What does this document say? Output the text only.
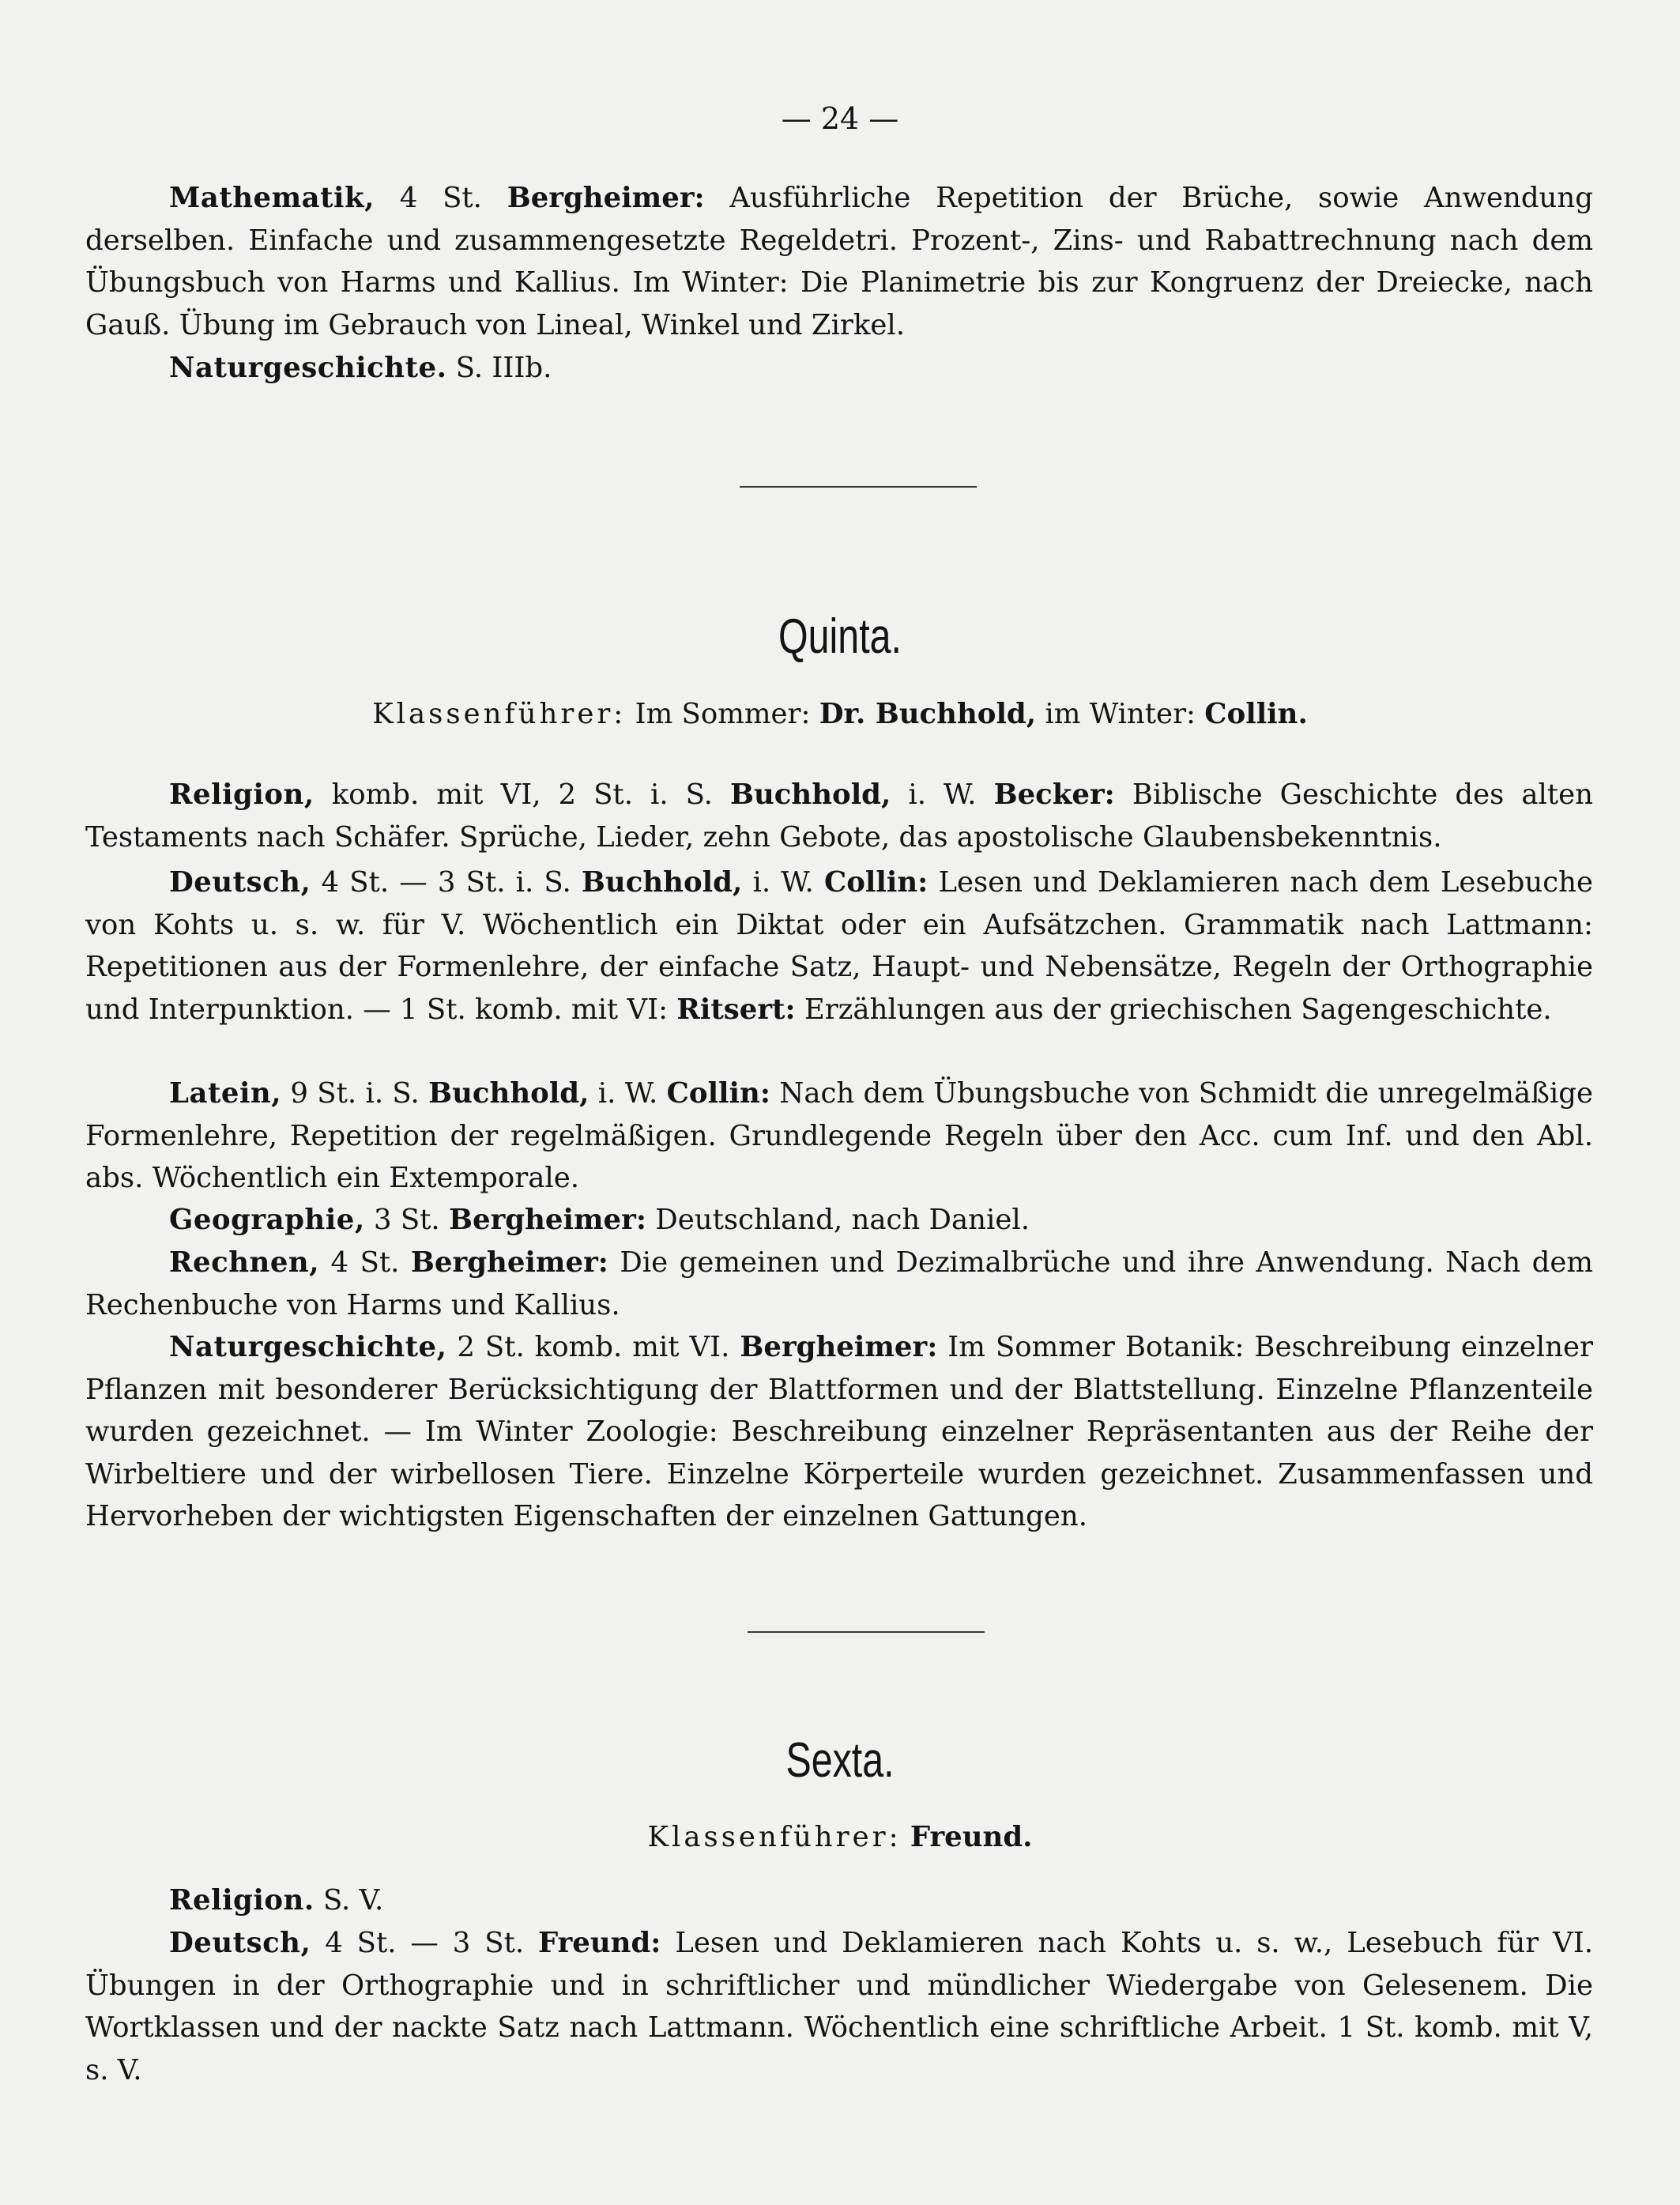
— 24 —

Mathematik, 4 St. Bergheimer: Ausführliche Repetition der Brüche, sowie Anwendung derselben. Einfache und zusammengesetzte Regeldetri. Prozent-, Zins- und Rabattrechnung nach dem Übungsbuch von Harms und Kallius. Im Winter: Die Planimetrie bis zur Kongruenz der Dreiecke, nach Gauß. Übung im Gebrauch von Lineal, Winkel und Zirkel.

Naturgeschichte. S. IIIb.

Quinta.

Klassenführer: Im Sommer: Dr. Buchhold, im Winter: Collin.

Religion, komb. mit VI, 2 St. i. S. Buchhold, i. W. Becker: Biblische Geschichte des alten Testaments nach Schäfer. Sprüche, Lieder, zehn Gebote, das apostolische Glaubensbekenntnis.

Deutsch, 4 St. — 3 St. i. S. Buchhold, i. W. Collin: Lesen und Deklamieren nach dem Lesebuche von Kohts u. s. w. für V. Wöchentlich ein Diktat oder ein Aufsätzchen. Grammatik nach Lattmann: Repetitionen aus der Formenlehre, der einfache Satz, Haupt- und Nebensätze, Regeln der Orthographie und Interpunktion. — 1 St. komb. mit VI: Ritsert: Erzählungen aus der griechischen Sagengeschichte.

Latein, 9 St. i. S. Buchhold, i. W. Collin: Nach dem Übungsbuche von Schmidt die unregelmäßige Formenlehre, Repetition der regelmäßigen. Grundlegende Regeln über den Acc. cum Inf. und den Abl. abs. Wöchentlich ein Extemporale.

Geographie, 3 St. Bergheimer: Deutschland, nach Daniel.

Rechnen, 4 St. Bergheimer: Die gemeinen und Dezimalbrüche und ihre Anwendung. Nach dem Rechenbuche von Harms und Kallius.

Naturgeschichte, 2 St. komb. mit VI. Bergheimer: Im Sommer Botanik: Beschreibung einzelner Pflanzen mit besonderer Berücksichtigung der Blattformen und der Blattstellung. Einzelne Pflanzenteile wurden gezeichnet. — Im Winter Zoologie: Beschreibung einzelner Repräsentanten aus der Reihe der Wirbeltiere und der wirbellosen Tiere. Einzelne Körperteile wurden gezeichnet. Zusammenfassen und Hervorheben der wichtigsten Eigenschaften der einzelnen Gattungen.

Sexta.

Klassenführer: Freund.

Religion. S. V.

Deutsch, 4 St. — 3 St. Freund: Lesen und Deklamieren nach Kohts u. s. w., Lesebuch für VI. Übungen in der Orthographie und in schriftlicher und mündlicher Wiedergabe von Gelesenem. Die Wortklassen und der nackte Satz nach Lattmann. Wöchentlich eine schriftliche Arbeit. 1 St. komb. mit V, s. V.
